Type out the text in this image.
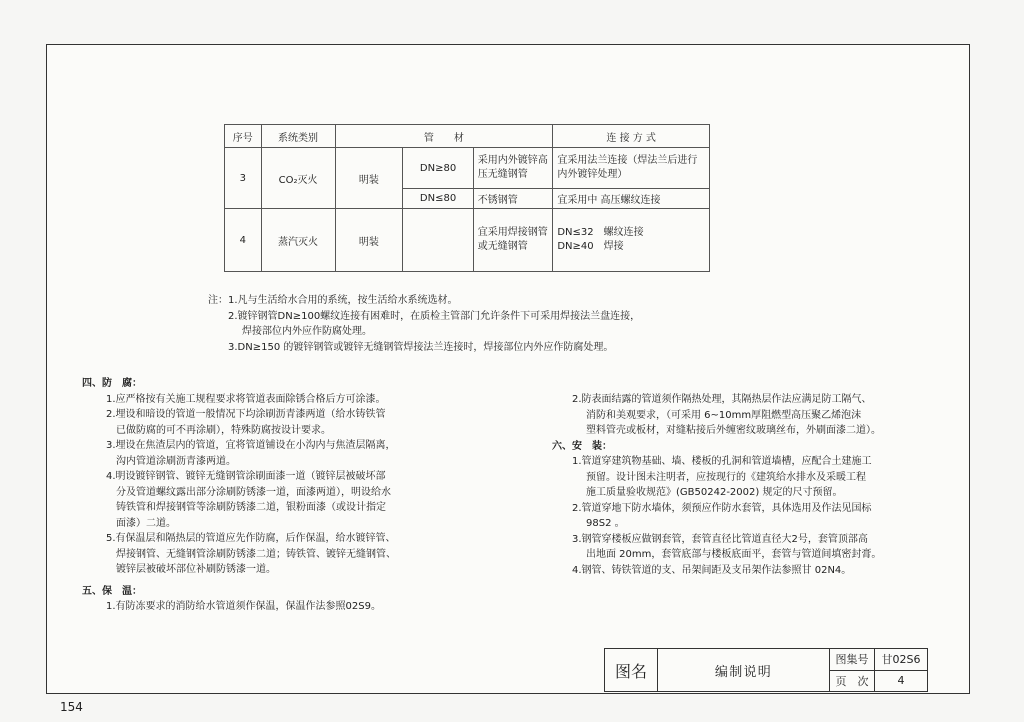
序号	系统类别	管　　材			连 接 方 式
3	CO₂灭火	明装	DN≥80	采用内外镀锌高压无缝钢管	宜采用法兰连接（焊法兰后进行内外镀锌处理）
			DN≤80	不锈钢管	宜采用中 高压螺纹连接
4	蒸汽灭火	明装		宜采用焊接钢管或无缝钢管	DN≤32　螺纹连接
DN≥40　焊接
注：1.凡与生活给水合用的系统，按生活给水系统选材。
2.镀锌钢管DN≥100螺纹连接有困难时，在质检主管部门允许条件下可采用焊接法兰盘连接，
焊接部位内外应作防腐处理。
3.DN≥150 的镀锌钢管或镀锌无缝钢管焊接法兰连接时，焊接部位内外应作防腐处理。
四、防　腐：
1.应严格按有关施工规程要求将管道表面除锈合格后方可涂漆。
2.埋设和暗设的管道一般情况下均涂刷沥青漆两道（给水铸铁管
已做防腐的可不再涂刷），特殊防腐按设计要求。
3.埋设在焦渣层内的管道，宜将管道铺设在小沟内与焦渣层隔离，
沟内管道涂刷沥青漆两道。
4.明设镀锌钢管、镀锌无缝钢管涂刷面漆一道（镀锌层被破坏部
分及管道螺纹露出部分涂刷防锈漆一道，面漆两道），明设给水
铸铁管和焊接钢管等涂刷防锈漆二道，银粉面漆（或设计指定
面漆）二道。
5.有保温层和隔热层的管道应先作防腐，后作保温，给水镀锌管、
焊接钢管、无缝钢管涂刷防锈漆二道；铸铁管、镀锌无缝钢管、
镀锌层被破坏部位补刷防锈漆一道。
五、保　温：
1.有防冻要求的消防给水管道须作保温，保温作法参照02S9。
2.防表面结露的管道须作隔热处理，其隔热层作法应满足防工隔气、
消防和美观要求，（可采用 6~10mm厚阻燃型高压聚乙烯泡沫
塑料管壳或板材，对缝粘接后外缠密纹玻璃丝布，外刷面漆二道）。
六、安　装：
1.管道穿建筑物基础、墙、楼板的孔洞和管道墙槽，应配合土建施工
预留。设计图未注明者，应按现行的《建筑给水排水及采暖工程
施工质量验收规范》(GB50242-2002) 规定的尺寸预留。
2.管道穿地下防水墙体，须预应作防水套管，具体选用及作法见国标
98S2 。
3.钢管穿楼板应做钢套管，套管直径比管道直径大2号，套管顶部高
出地面 20mm，套管底部与楼板底面平，套管与管道间填密封膏。
4.钢管、铸铁管道的支、吊架间距及支吊架作法参照甘 02N4。
图名	编制说明	图集号	甘02S6
		页　次	4
154
